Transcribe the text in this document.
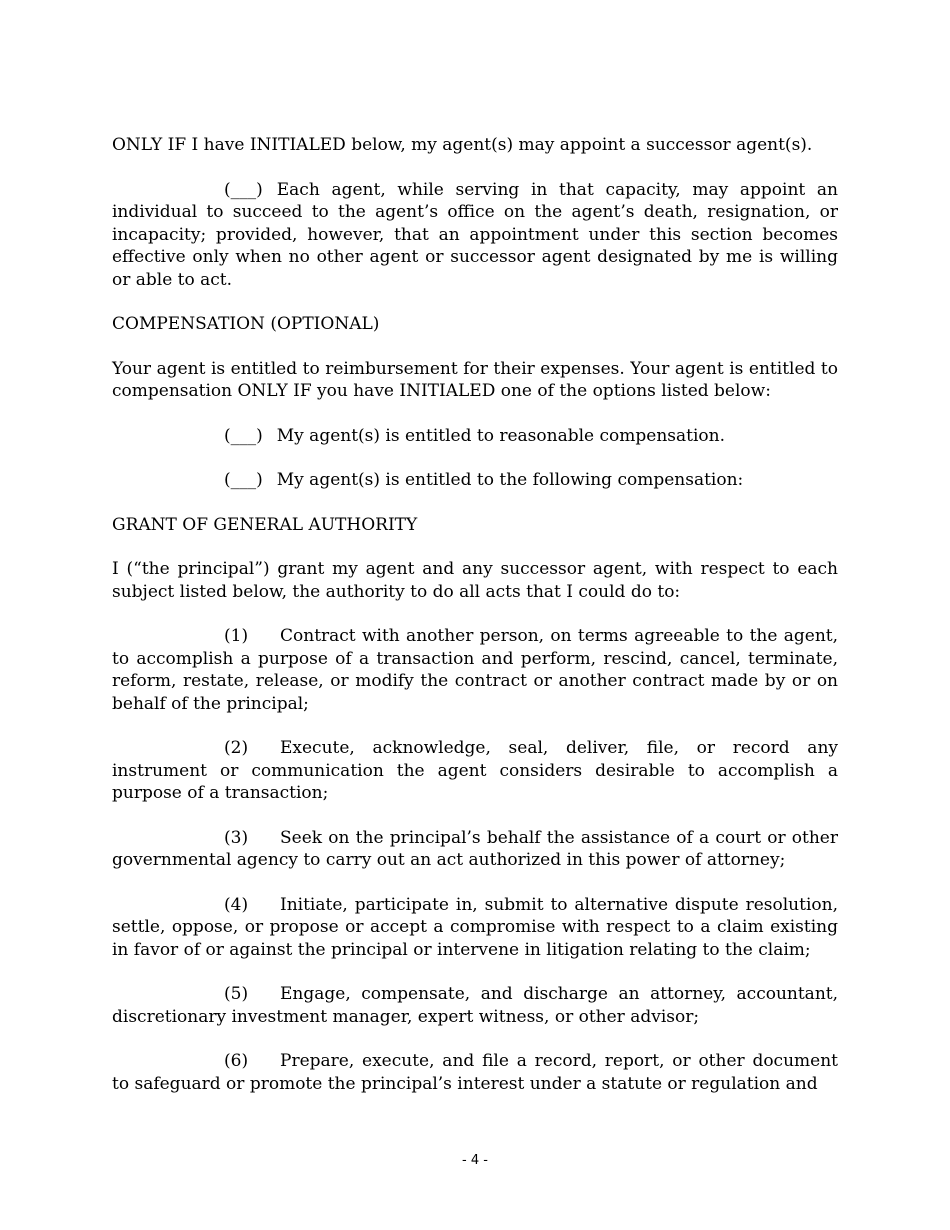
ONLY IF I have INITIALED below, my agent(s) may appoint a successor agent(s).

(___) Each agent, while serving in that capacity, may appoint an individual to succeed to the agent’s office on the agent’s death, resignation, or incapacity; provided, however, that an appointment under this section becomes effective only when no other agent or successor agent designated by me is willing or able to act.

COMPENSATION (OPTIONAL)

Your agent is entitled to reimbursement for their expenses. Your agent is entitled to compensation ONLY IF you have INITIALED one of the options listed below:

(___) My agent(s) is entitled to reasonable compensation.

(___) My agent(s) is entitled to the following compensation:

GRANT OF GENERAL AUTHORITY

I (“the principal”) grant my agent and any successor agent, with respect to each subject listed below, the authority to do all acts that I could do to:

(1) Contract with another person, on terms agreeable to the agent, to accomplish a purpose of a transaction and perform, rescind, cancel, terminate, reform, restate, release, or modify the contract or another contract made by or on behalf of the principal;

(2) Execute, acknowledge, seal, deliver, file, or record any instrument or communication the agent considers desirable to accomplish a purpose of a transaction;

(3) Seek on the principal’s behalf the assistance of a court or other governmental agency to carry out an act authorized in this power of attorney;

(4) Initiate, participate in, submit to alternative dispute resolution, settle, oppose, or propose or accept a compromise with respect to a claim existing in favor of or against the principal or intervene in litigation relating to the claim;

(5) Engage, compensate, and discharge an attorney, accountant, discretionary investment manager, expert witness, or other advisor;

(6) Prepare, execute, and file a record, report, or other document to safeguard or promote the principal’s interest under a statute or regulation and

- 4 -
